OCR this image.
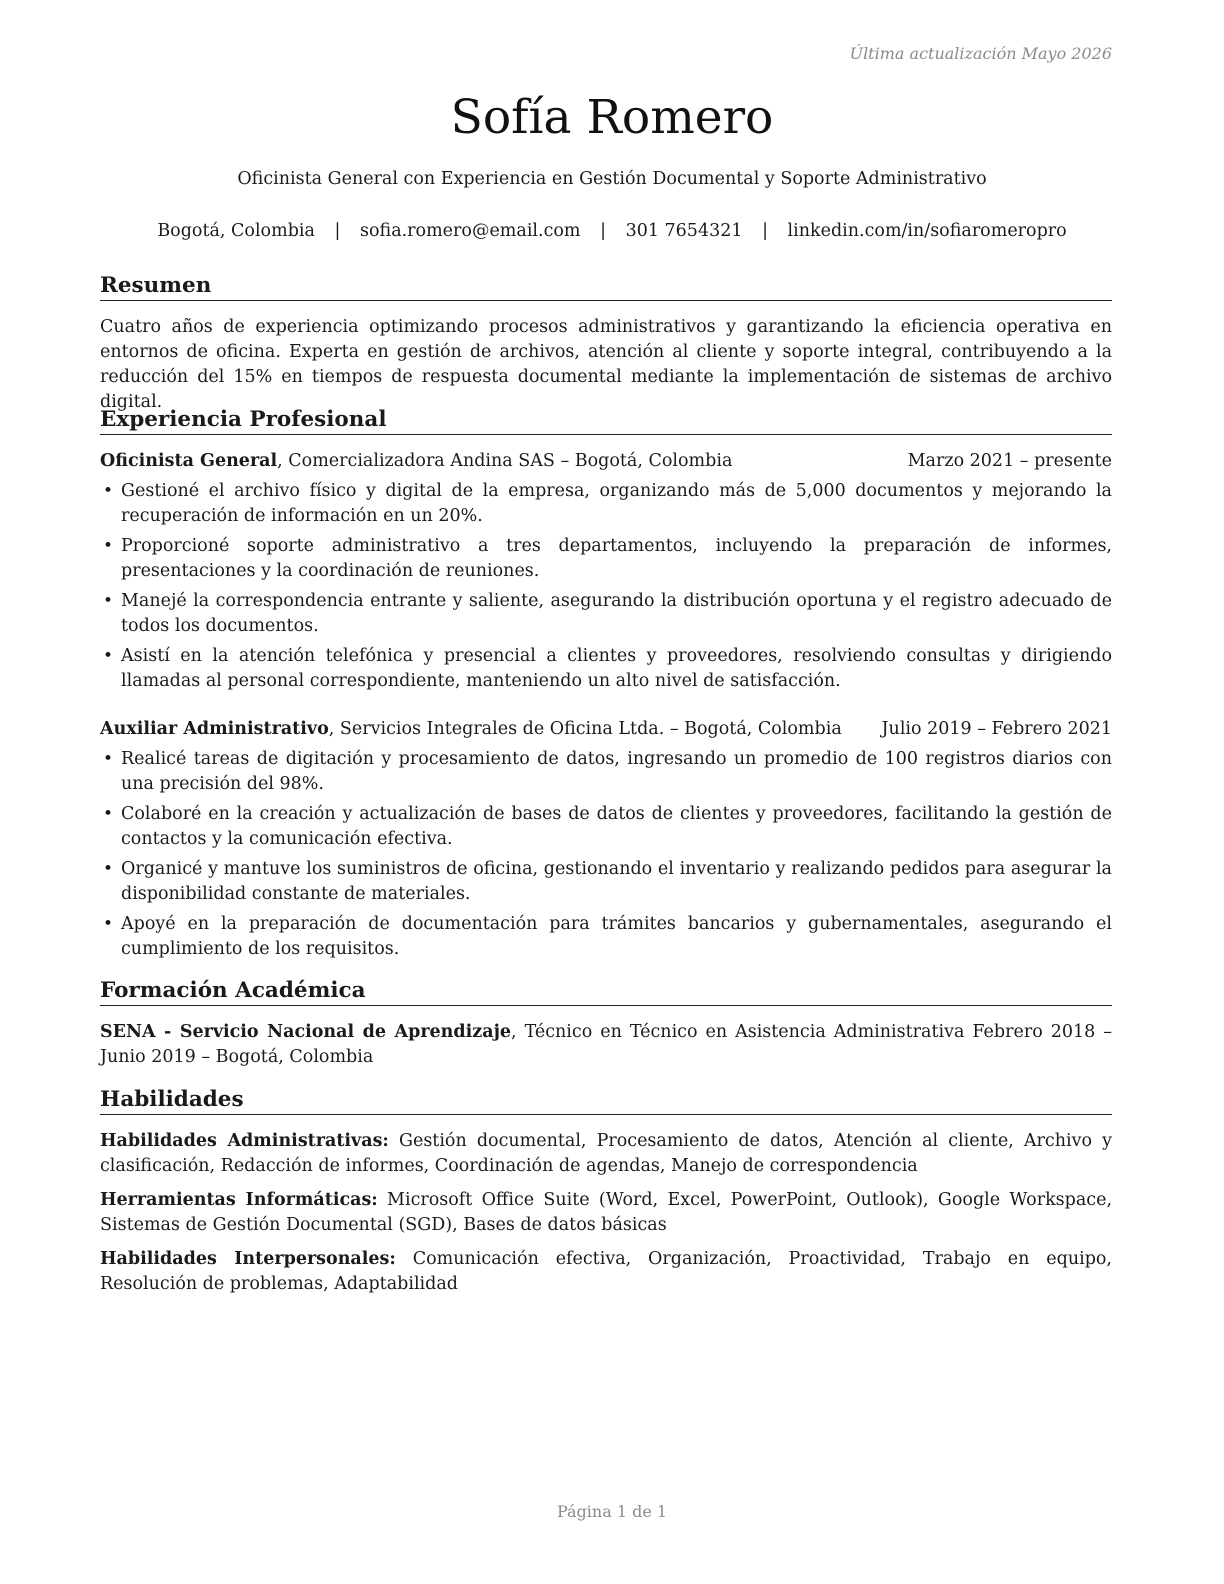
Última actualización Mayo 2026
Sofía Romero
Oficinista General con Experiencia en Gestión Documental y Soporte Administrativo
Bogotá, Colombia | sofia.romero@email.com | 301 7654321 | linkedin.com/in/sofiaromeropro
Resumen
Cuatro años de experiencia optimizando procesos administrativos y garantizando la eficiencia operativa en entornos de oficina. Experta en gestión de archivos, atención al cliente y soporte integral, contribuyendo a la reducción del 15% en tiempos de respuesta documental mediante la implementación de sistemas de archivo digital.
Experiencia Profesional
Oficinista General, Comercializadora Andina SAS – Bogotá, Colombia	Marzo 2021 – presente
• Gestioné el archivo físico y digital de la empresa, organizando más de 5,000 documentos y mejorando la recuperación de información en un 20%.
• Proporcioné soporte administrativo a tres departamentos, incluyendo la preparación de informes, presentaciones y la coordinación de reuniones.
• Manejé la correspondencia entrante y saliente, asegurando la distribución oportuna y el registro adecuado de todos los documentos.
• Asistí en la atención telefónica y presencial a clientes y proveedores, resolviendo consultas y dirigiendo llamadas al personal correspondiente, manteniendo un alto nivel de satisfacción.
Auxiliar Administrativo, Servicios Integrales de Oficina Ltda. – Bogotá, Colombia Julio 2019 – Febrero 2021
• Realicé tareas de digitación y procesamiento de datos, ingresando un promedio de 100 registros diarios con una precisión del 98%.
• Colaboré en la creación y actualización de bases de datos de clientes y proveedores, facilitando la gestión de contactos y la comunicación efectiva.
• Organicé y mantuve los suministros de oficina, gestionando el inventario y realizando pedidos para asegurar la disponibilidad constante de materiales.
• Apoyé en la preparación de documentación para trámites bancarios y gubernamentales, asegurando el cumplimiento de los requisitos.
Formación Académica
SENA - Servicio Nacional de Aprendizaje, Técnico en Técnico en Asistencia Administrativa Febrero 2018 – Junio 2019 – Bogotá, Colombia
Habilidades
Habilidades Administrativas: Gestión documental, Procesamiento de datos, Atención al cliente, Archivo y clasificación, Redacción de informes, Coordinación de agendas, Manejo de correspondencia
Herramientas Informáticas: Microsoft Office Suite (Word, Excel, PowerPoint, Outlook), Google Workspace, Sistemas de Gestión Documental (SGD), Bases de datos básicas
Habilidades Interpersonales: Comunicación efectiva, Organización, Proactividad, Trabajo en equipo, Resolución de problemas, Adaptabilidad
Página 1 de 1
